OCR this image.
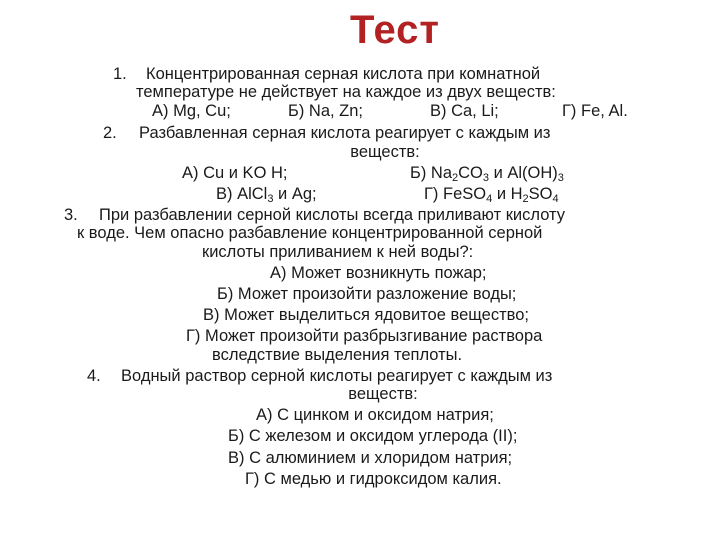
Тест
1. Концентрированная серная кислота при комнатной
температуре не действует на каждое из двух веществ:
А) Mg, Cu;	Б) Na, Zn;	В) Ca, Li;	Г) Fe, Al.
2. Разбавленная серная кислота реагирует с каждым из
веществ:
А) Cu и KO H;	Б) $Na_2CO_3$ и $Al(OH)_3$
В) AlCl$_3$ и Ag;	Г) FeSO$_4$ и $H_2SO_4$
3. При разбавлении серной кислоты всегда приливают кислоту
к воде. Чем опасно разбавление концентрированной серной
кислоты приливанием к ней воды?:
А) Может возникнуть пожар;
Б) Может произойти разложение воды;
В) Может выделиться ядовитое вещество;
Г) Может произойти разбрызгивание раствора
вследствие выделения теплоты.
4. Водный раствор серной кислоты реагирует с каждым из
веществ:
А) С цинком и оксидом натрия;
Б) С железом и оксидом углерода (II);
В) С алюминием и хлоридом натрия;
Г) С медью и гидроксидом калия.
